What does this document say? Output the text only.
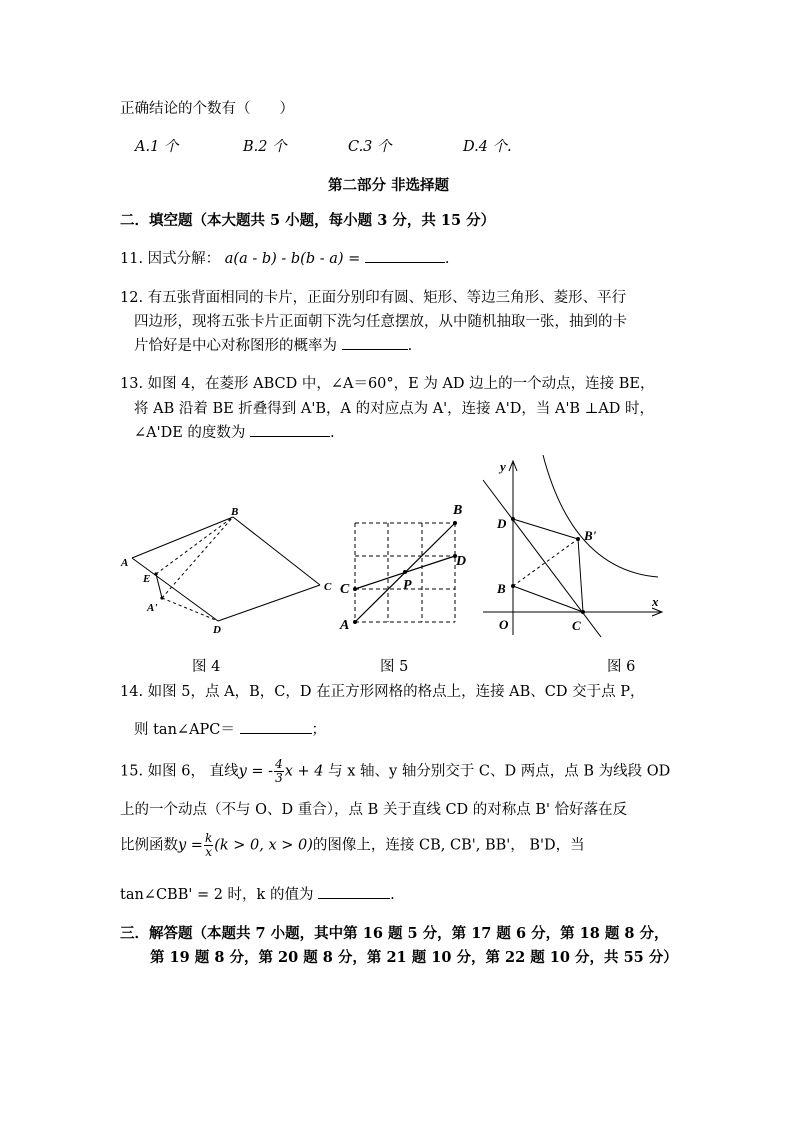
正确结论的个数有（　　）
A.1 个	B.2 个	C.3 个	D.4 个.
第二部分 非选择题
二．填空题（本大题共 5 小题，每小题 3 分，共 15 分）
11. 因式分解： a(a - b) - b(b - a) =	.
12. 有五张背面相同的卡片，正面分别印有圆、矩形、等边三角形、菱形、平行
四边形，现将五张卡片正面朝下洗匀任意摆放，从中随机抽取一张，抽到的卡
片恰好是中心对称图形的概率为	.
13. 如图 4，在菱形 ABCD 中，∠A＝60°，E 为 AD 边上的一个动点，连接 BE，
将 AB 沿着 BE 折叠得到 A'B，A 的对应点为 A'，连接 A'D，当 A'B ⊥AD 时，
∠A'DE 的度数为	.
A
B
C
D
E
A'
A
B
C
D
P
y
x
O
B
D
C
B'
图 4	图 5	图 6
14. 如图 5，点 A，B，C，D 在正方形网格的格点上，连接 AB、CD 交于点 P，
则 tan∠APC＝	；
15. 如图 6， 直线y = - $\frac{4}{3}$ x + 4 与 x 轴、y 轴分别交于 C、D 两点，点 B 为线段 OD
上的一个动点（不与 O、D 重合），点 B 关于直线 CD 的对称点 B' 恰好落在反
比例函数$y = \frac{k}{x} (k > 0$, x > 0)的图像上，连接 CB, CB', BB'， B'D，当
tan∠CBB' = 2 时，k 的值为	.
三．解答题（本题共 7 小题，其中第 16 题 5 分，第 17 题 6 分，第 18 题 8 分，
第 19 题 8 分，第 20 题 8 分，第 21 题 10 分，第 22 题 10 分，共 55 分）
